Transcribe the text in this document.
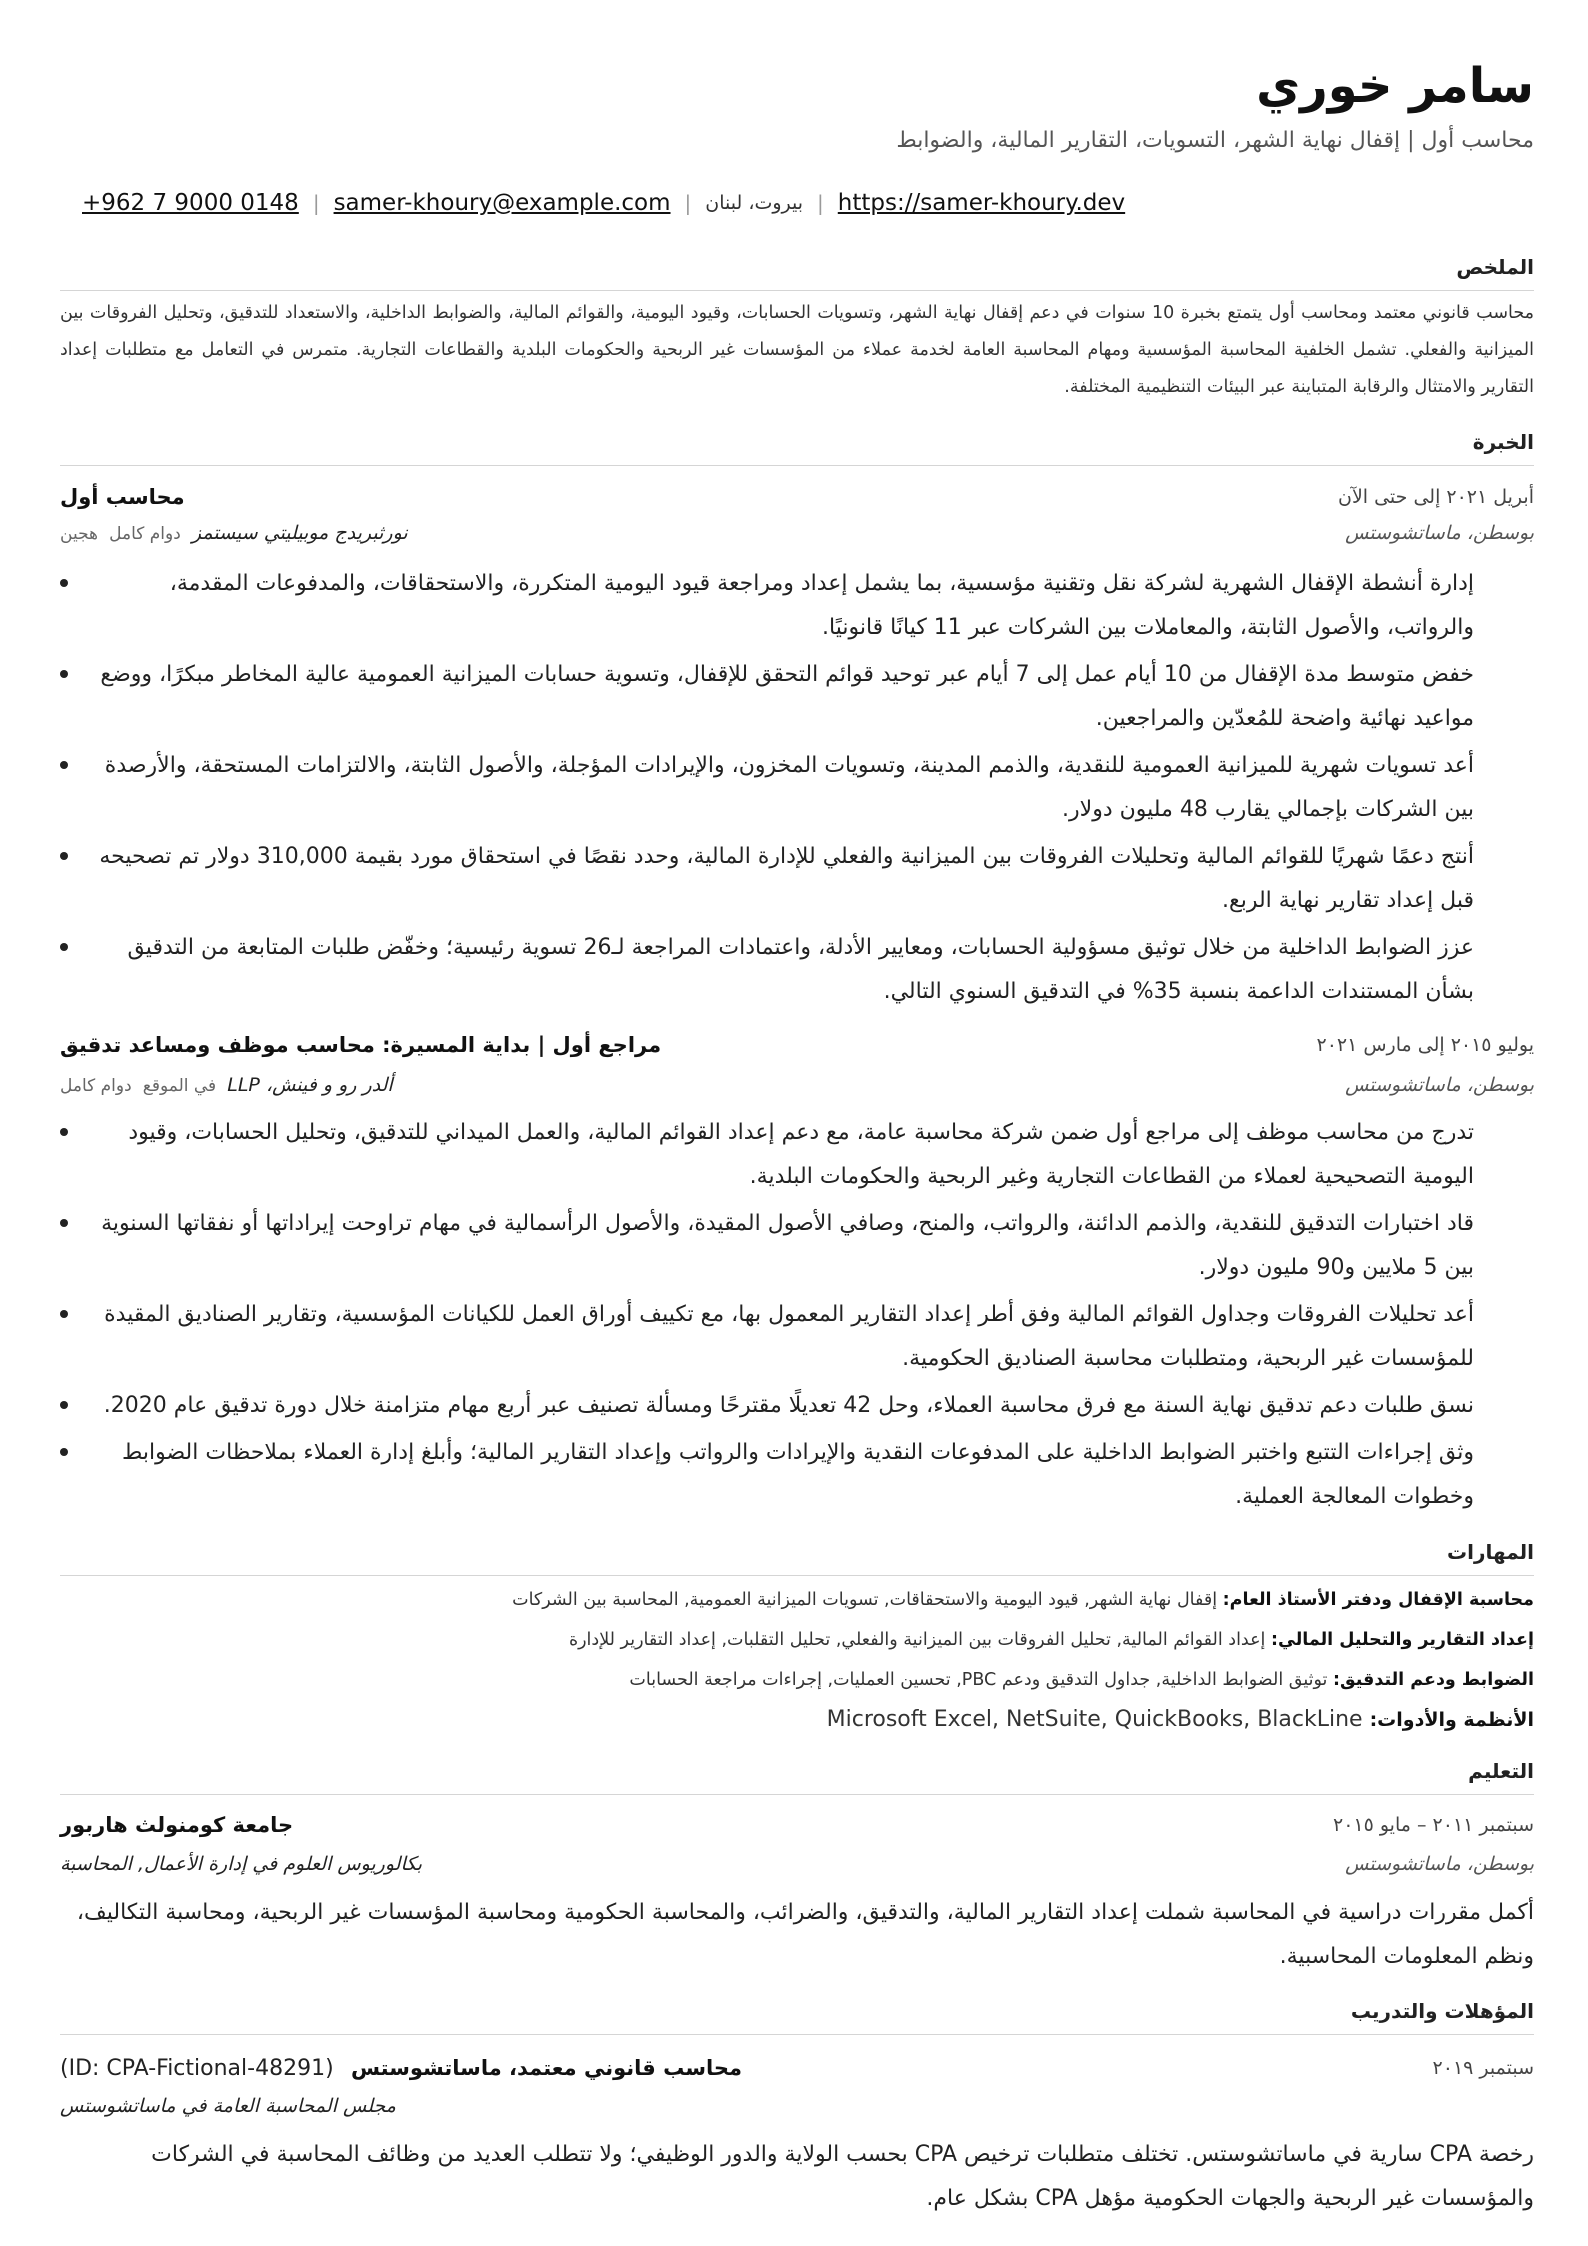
سامر خوري

محاسب أول | إقفال نهاية الشهر، التسويات، التقارير المالية، والضوابط

+962 7 9000 0148 | samer-khoury@example.com | بيروت، لبنان | https://samer-khoury.dev
الملخص

محاسب قانوني معتمد ومحاسب أول يتمتع بخبرة 10 سنوات في دعم إقفال نهاية الشهر، وتسويات الحسابات، وقيود اليومية، والقوائم المالية، والضوابط الداخلية، والاستعداد للتدقيق، وتحليل الفروقات بين الميزانية والفعلي. تشمل الخلفية المحاسبة المؤسسية ومهام المحاسبة العامة لخدمة عملاء من المؤسسات غير الربحية والحكومات البلدية والقطاعات التجارية. متمرس في التعامل مع متطلبات إعداد التقارير والامتثال والرقابة المتباينة عبر البيئات التنظيمية المختلفة.

الخبرة
محاسب أول	أبريل ٢٠٢١ إلى حتى الآن
نورثبريدج موبيليتي سيستمز دوام كامل هجين	بوسطن، ماساتشوستس
إدارة أنشطة الإقفال الشهرية لشركة نقل وتقنية مؤسسية، بما يشمل إعداد ومراجعة قيود اليومية المتكررة، والاستحقاقات، والمدفوعات المقدمة، والرواتب، والأصول الثابتة، والمعاملات بين الشركات عبر 11 كيانًا قانونيًا.
خفض متوسط مدة الإقفال من 10 أيام عمل إلى 7 أيام عبر توحيد قوائم التحقق للإقفال، وتسوية حسابات الميزانية العمومية عالية المخاطر مبكرًا، ووضع مواعيد نهائية واضحة للمُعدّين والمراجعين.
أعد تسويات شهرية للميزانية العمومية للنقدية، والذمم المدينة، وتسويات المخزون، والإيرادات المؤجلة، والأصول الثابتة، والالتزامات المستحقة، والأرصدة بين الشركات بإجمالي يقارب 48 مليون دولار.
أنتج دعمًا شهريًا للقوائم المالية وتحليلات الفروقات بين الميزانية والفعلي للإدارة المالية، وحدد نقصًا في استحقاق مورد بقيمة 310,000 دولار تم تصحيحه قبل إعداد تقارير نهاية الربع.
عزز الضوابط الداخلية من خلال توثيق مسؤولية الحسابات، ومعايير الأدلة، واعتمادات المراجعة لـ26 تسوية رئيسية؛ وخفّض طلبات المتابعة من التدقيق بشأن المستندات الداعمة بنسبة 35% في التدقيق السنوي التالي.
مراجع أول | بداية المسيرة: محاسب موظف ومساعد تدقيق	يوليو ٢٠١٥ إلى مارس ٢٠٢١
ألدر رو و فينش، LLP في الموقع دوام كامل	بوسطن، ماساتشوستس
تدرج من محاسب موظف إلى مراجع أول ضمن شركة محاسبة عامة، مع دعم إعداد القوائم المالية، والعمل الميداني للتدقيق، وتحليل الحسابات، وقيود اليومية التصحيحية لعملاء من القطاعات التجارية وغير الربحية والحكومات البلدية.
قاد اختبارات التدقيق للنقدية، والذمم الدائنة، والرواتب، والمنح، وصافي الأصول المقيدة، والأصول الرأسمالية في مهام تراوحت إيراداتها أو نفقاتها السنوية بين 5 ملايين و90 مليون دولار.
أعد تحليلات الفروقات وجداول القوائم المالية وفق أطر إعداد التقارير المعمول بها، مع تكييف أوراق العمل للكيانات المؤسسية، وتقارير الصناديق المقيدة للمؤسسات غير الربحية، ومتطلبات محاسبة الصناديق الحكومية.
نسق طلبات دعم تدقيق نهاية السنة مع فرق محاسبة العملاء، وحل 42 تعديلًا مقترحًا ومسألة تصنيف عبر أربع مهام متزامنة خلال دورة تدقيق عام 2020.
وثق إجراءات التتبع واختبر الضوابط الداخلية على المدفوعات النقدية والإيرادات والرواتب وإعداد التقارير المالية؛ وأبلغ إدارة العملاء بملاحظات الضوابط وخطوات المعالجة العملية.
المهارات
محاسبة الإقفال ودفتر الأستاذ العام: إقفال نهاية الشهر, قيود اليومية والاستحقاقات, تسويات الميزانية العمومية, المحاسبة بين الشركات
إعداد التقارير والتحليل المالي: إعداد القوائم المالية, تحليل الفروقات بين الميزانية والفعلي, تحليل التقلبات, إعداد التقارير للإدارة
الضوابط ودعم التدقيق: توثيق الضوابط الداخلية, جداول التدقيق ودعم PBC, تحسين العمليات, إجراءات مراجعة الحسابات
الأنظمة والأدوات: Microsoft Excel, NetSuite, QuickBooks, BlackLine
التعليم
جامعة كومنولث هاربور	سبتمبر ٢٠١١ – مايو ٢٠١٥
بكالوريوس العلوم في إدارة الأعمال, المحاسبة	بوسطن، ماساتشوستس

أكمل مقررات دراسية في المحاسبة شملت إعداد التقارير المالية، والتدقيق، والضرائب، والمحاسبة الحكومية ومحاسبة المؤسسات غير الربحية، ومحاسبة التكاليف، ونظم المعلومات المحاسبية.

المؤهلات والتدريب
محاسب قانوني معتمد، ماساتشوستس (ID: CPA-Fictional-48291)	سبتمبر ٢٠١٩
مجلس المحاسبة العامة في ماساتشوستس

رخصة CPA سارية في ماساتشوستس. تختلف متطلبات ترخيص CPA بحسب الولاية والدور الوظيفي؛ ولا تتطلب العديد من وظائف المحاسبة في الشركات والمؤسسات غير الربحية والجهات الحكومية مؤهل CPA بشكل عام.
